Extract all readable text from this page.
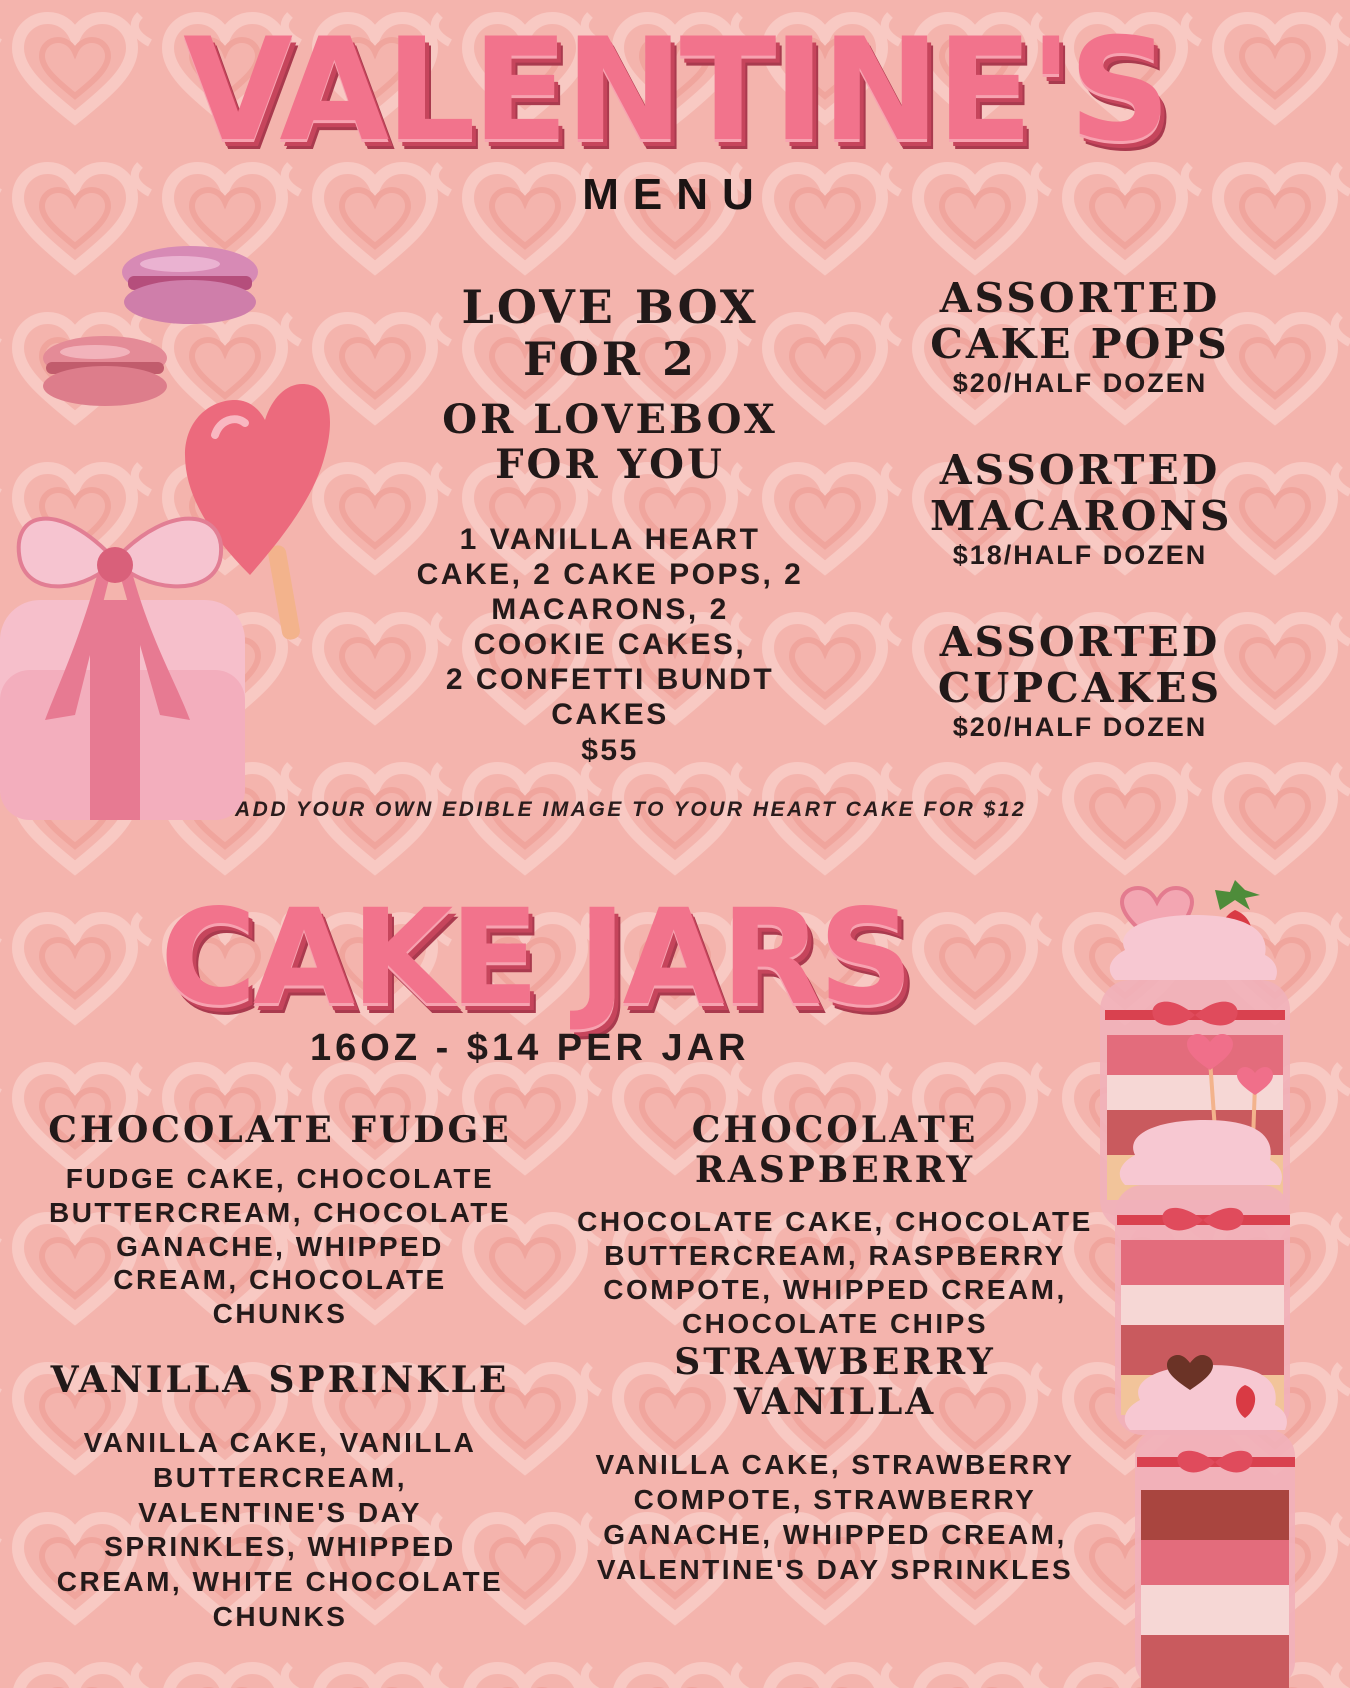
VALENTINE'S
MENU
LOVE BOX
FOR 2
OR LOVEBOX
FOR YOU
1 VANILLA HEART
CAKE, 2 CAKE POPS, 2
MACARONS, 2
COOKIE CAKES,
2 CONFETTI BUNDT
CAKES
$55
ADD YOUR OWN EDIBLE IMAGE TO YOUR HEART CAKE FOR $12
ASSORTED
CAKE POPS
$20/HALF DOZEN
ASSORTED
MACARONS
$18/HALF DOZEN
ASSORTED
CUPCAKES
$20/HALF DOZEN
CAKE JARS
16OZ - $14 PER JAR
CHOCOLATE FUDGE
FUDGE CAKE, CHOCOLATE
BUTTERCREAM, CHOCOLATE
GANACHE, WHIPPED
CREAM, CHOCOLATE
CHUNKS
CHOCOLATE RASPBERRY
CHOCOLATE CAKE, CHOCOLATE
BUTTERCREAM, RASPBERRY
COMPOTE, WHIPPED CREAM,
CHOCOLATE CHIPS
VANILLA SPRINKLE
VANILLA CAKE, VANILLA
BUTTERCREAM,
VALENTINE'S DAY
SPRINKLES, WHIPPED
CREAM, WHITE CHOCOLATE
CHUNKS
STRAWBERRY VANILLA
VANILLA CAKE, STRAWBERRY
COMPOTE, STRAWBERRY
GANACHE, WHIPPED CREAM,
VALENTINE'S DAY SPRINKLES
